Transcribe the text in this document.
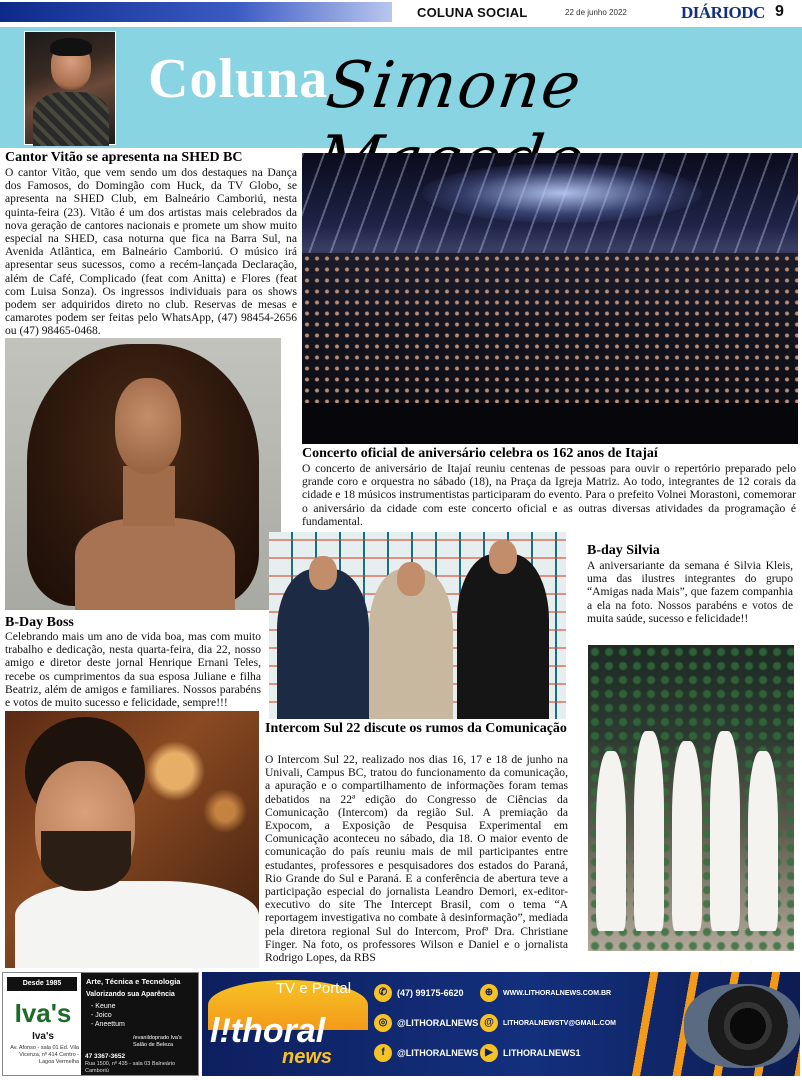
COLUNA SOCIAL	22 de junho 2022	DIÁRIODC 9
Coluna
Simone
Cantor Vitão se apresenta na SHED BC

O cantor Vitão, que vem sendo um dos destaques na Dança dos Famosos, do Domingão com Huck, da TV Globo, se apresenta na SHED Club, em Balneário Camboriú, nesta quinta-feira (23). Vitão é um dos artistas mais celebrados da nova geração de cantores nacionais e promete um show muito especial na SHED, casa noturna que fica na Barra Sul, na Avenida Atlântica, em Balneário Camboriú. O músico irá apresentar seus sucessos, como a recém-lançada Declaração, além de Café, Complicado (feat com Anitta) e Flores (feat com Luisa Sonza). Os ingressos individuais para os shows podem ser adquiridos direto no club. Reservas de mesas e camarotes podem ser feitas pelo WhatsApp, (47) 98454-2656 ou (47) 98465-0468.

Concerto oficial de aniversário celebra os 162 anos de Itajaí

O concerto de aniversário de Itajaí reuniu centenas de pessoas para ouvir o repertório preparado pelo grande coro e orquestra no sábado (18), na Praça da Igreja Matriz. Ao todo, integrantes de 12 corais da cidade e 18 músicos instrumentistas participaram do evento. Para o prefeito Volnei Morastoni, comemorar o aniversário da cidade com este concerto oficial e as outras diversas atividades da programação é fundamental.

B-Day Boss

Celebrando mais um ano de vida boa, mas com muito trabalho e dedicação, nesta quarta-feira, dia 22, nosso amigo e diretor deste jornal Henrique Ernani Teles, recebe os cumprimentos da sua esposa Juliane e filha Beatriz, além de amigos e familiares. Nossos parabéns e votos de muito sucesso e felicidade, sempre!!!

Intercom Sul 22 discute os rumos da Comunicação

O Intercom Sul 22, realizado nos dias 16, 17 e 18 de junho na Univali, Campus BC, tratou do funcionamento da comunicação, a apuração e o compartilhamento de informações foram temas debatidos na 22ª edição do Congresso de Ciências da Comunicação (Intercom) da região Sul. A premiação da Expocom, a Exposição de Pesquisa Experimental em Comunicação aconteceu no sábado, dia 18. O maior evento de comunicação do país reuniu mais de mil participantes entre estudantes, professores e pesquisadores dos estados do Paraná, Rio Grande do Sul e Paraná. E a conferência de abertura teve a participação especial do jornalista Leandro Demori, ex-editor-executivo do site The Intercept Brasil, com o tema “A reportagem investigativa no combate à desinformação”, mediada pela diretora regional Sul do Intercom, Profª Dra. Christiane Finger. Na foto, os professores Wilson e Daniel e o jornalista Rodrigo Lopes, da RBS

B-day Silvia

A aniversariante da semana é Silvia Kleis, uma das ilustres integrantes do grupo “Amigas nada Mais”, que fazem companhia a ela na foto. Nossos parabéns e votos de muita saúde, sucesso e felicidade!!

Desde 1985
Iva's
Iva's
Av. Afonso - sala 01 Ed. Vila Vicenza, nº 414 Centro - Lagoa Vermelha
Arte, Técnica e Tecnologia
Valorizando sua Aparência
- Keune
- Joico
- Aneettum
/evanildoprado Iva's Salão de Beleza
47 3367-3652
Rua 1500, nº 435 - sala 03 Balneário Camboriú
TV e Portal
l!thoral
news
✆	(47) 99175-6620	⊕	WWW.LITHORALNEWS.COM.BR
◎	@LITHORALNEWS @	LITHORALNEWSTV@GMAIL.COM
f	@LITHORALNEWS ▶	LITHORALNEWS1
